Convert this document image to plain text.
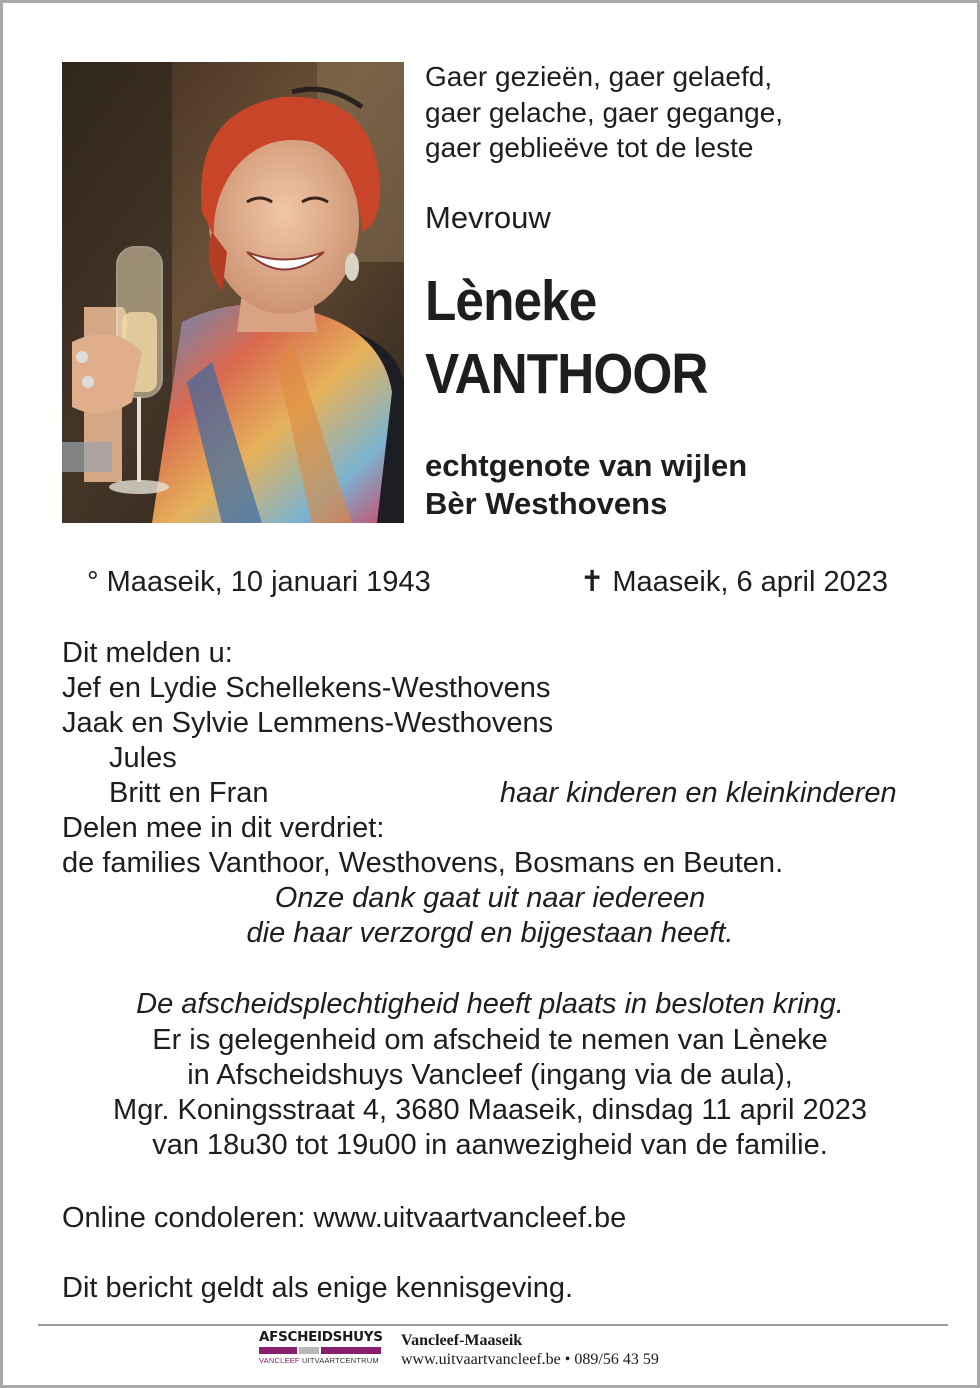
Gaer gezieën, gaer gelaefd,
gaer gelache, gaer gegange,
gaer geblieëve tot de leste
Mevrouw
Lèneke
VANTHOOR
echtgenote van wijlen
Bèr Westhovens
° Maaseik, 10 januari 1943	✝ Maaseik, 6 april 2023
Dit melden u:
Jef en Lydie Schellekens-Westhovens
Jaak en Sylvie Lemmens-Westhovens
Jules
Britt en Fran	haar kinderen en kleinkinderen
Delen mee in dit verdriet:
de families Vanthoor, Westhovens, Bosmans en Beuten.
Onze dank gaat uit naar iedereen
die haar verzorgd en bijgestaan heeft.
De afscheidsplechtigheid heeft plaats in besloten kring.
Er is gelegenheid om afscheid te nemen van Lèneke
in Afscheidshuys Vancleef (ingang via de aula),
Mgr. Koningsstraat 4, 3680 Maaseik, dinsdag 11 april 2023
van 18u30 tot 19u00 in aanwezigheid van de familie.
Online condoleren: www.uitvaartvancleef.be
Dit bericht geldt als enige kennisgeving.
AFSCHEIDSHUYS
VANCLEEF UITVAARTCENTRUM
Vancleef-Maaseik
www.uitvaartvancleef.be • 089/56 43 59
